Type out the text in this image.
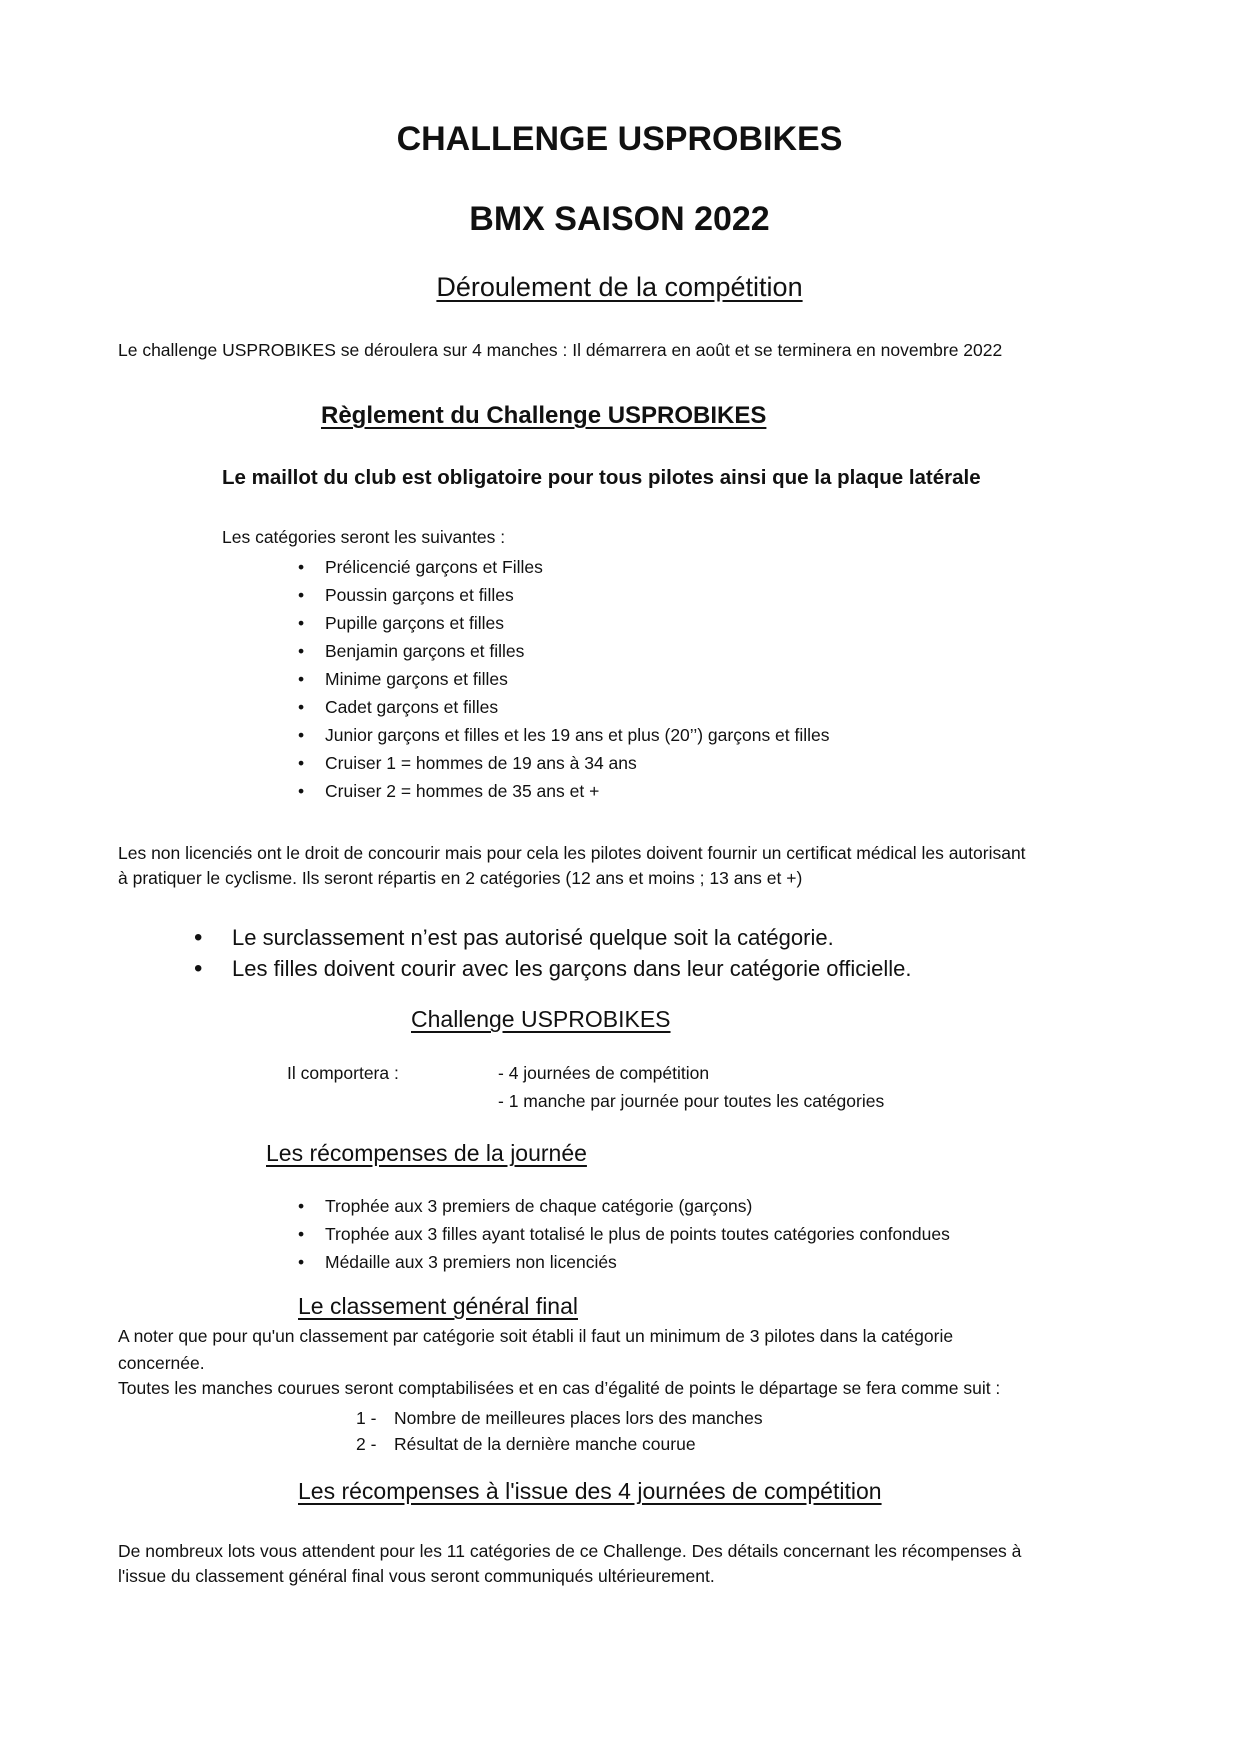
CHALLENGE USPROBIKES
BMX SAISON 2022
Déroulement de la compétition
Le challenge USPROBIKES se déroulera sur 4 manches : Il démarrera en août et se terminera en novembre 2022
Règlement du Challenge USPROBIKES
Le maillot du club est obligatoire pour tous pilotes ainsi que la plaque latérale
Les catégories seront les suivantes :
• Prélicencié garçons et Filles
• Poussin garçons et filles
• Pupille garçons et filles
• Benjamin garçons et filles
• Minime garçons et filles
• Cadet garçons et filles
• Junior garçons et filles et les 19 ans et plus (20’’) garçons et filles
• Cruiser 1 = hommes de 19 ans à 34 ans
• Cruiser 2 = hommes de 35 ans et +
Les non licenciés ont le droit de concourir mais pour cela les pilotes doivent fournir un certificat médical les autorisant
à pratiquer le cyclisme. Ils seront répartis en 2 catégories (12 ans et moins ; 13 ans et +)
• Le surclassement n’est pas autorisé quelque soit la catégorie.
• Les filles doivent courir avec les garçons dans leur catégorie officielle.
Challenge USPROBIKES
Il comportera :	- 4 journées de compétition
- 1 manche par journée pour toutes les catégories
Les récompenses de la journée
• Trophée aux 3 premiers de chaque catégorie (garçons)
• Trophée aux 3 filles ayant totalisé le plus de points toutes catégories confondues
• Médaille aux 3 premiers non licenciés
Le classement général final
A noter que pour qu'un classement par catégorie soit établi il faut un minimum de 3 pilotes dans la catégorie
concernée.
Toutes les manches courues seront comptabilisées et en cas d’égalité de points le départage se fera comme suit :
1 - Nombre de meilleures places lors des manches
2 - Résultat de la dernière manche courue
Les récompenses à l'issue des 4 journées de compétition
De nombreux lots vous attendent pour les 11 catégories de ce Challenge. Des détails concernant les récompenses à
l'issue du classement général final vous seront communiqués ultérieurement.
